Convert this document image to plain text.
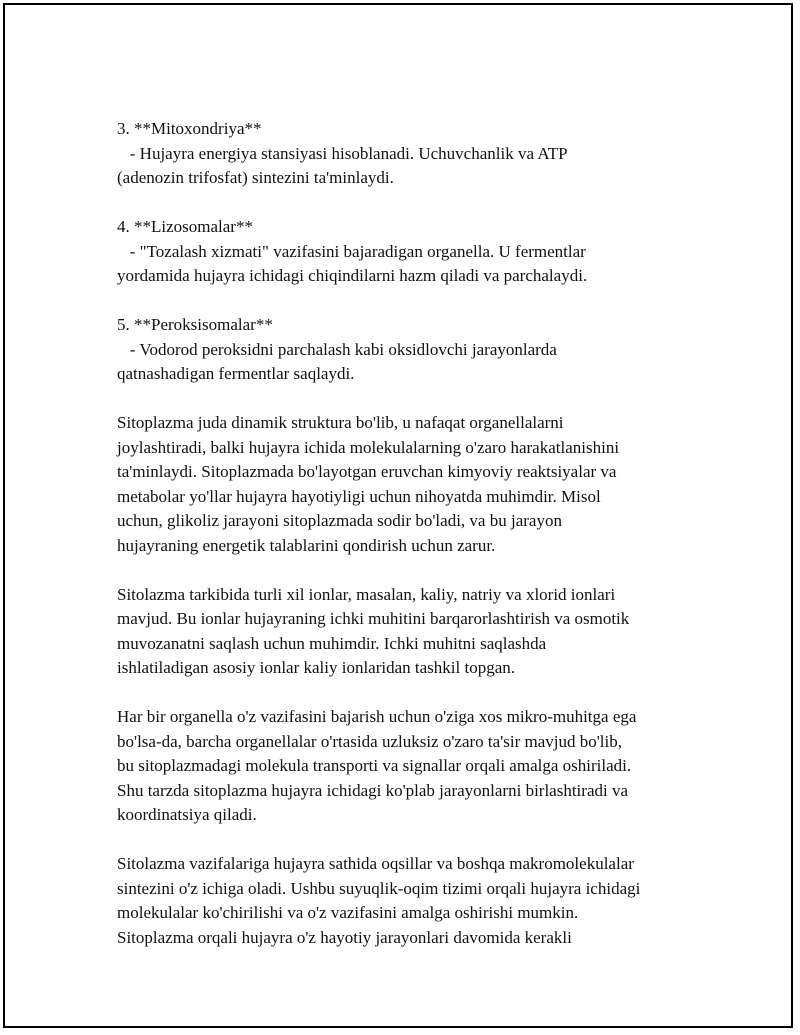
3. **Mitoxondriya**
- Hujayra energiya stansiyasi hisoblanadi. Uchuvchanlik va ATP
(adenozin trifosfat) sintezini ta'minlaydi.
4. **Lizosomalar**
- "Tozalash xizmati" vazifasini bajaradigan organella. U fermentlar
yordamida hujayra ichidagi chiqindilarni hazm qiladi va parchalaydi.
5. **Peroksisomalar**
- Vodorod peroksidni parchalash kabi oksidlovchi jarayonlarda
qatnashadigan fermentlar saqlaydi.
Sitoplazma juda dinamik struktura bo'lib, u nafaqat organellalarni
joylashtiradi, balki hujayra ichida molekulalarning o'zaro harakatlanishini
ta'minlaydi. Sitoplazmada bo'layotgan eruvchan kimyoviy reaktsiyalar va
metabolar yo'llar hujayra hayotiyligi uchun nihoyatda muhimdir. Misol
uchun, glikoliz jarayoni sitoplazmada sodir bo'ladi, va bu jarayon
hujayraning energetik talablarini qondirish uchun zarur.
Sitolazma tarkibida turli xil ionlar, masalan, kaliy, natriy va xlorid ionlari
mavjud. Bu ionlar hujayraning ichki muhitini barqarorlashtirish va osmotik
muvozanatni saqlash uchun muhimdir. Ichki muhitni saqlashda
ishlatiladigan asosiy ionlar kaliy ionlaridan tashkil topgan.
Har bir organella o'z vazifasini bajarish uchun o'ziga xos mikro-muhitga ega
bo'lsa-da, barcha organellalar o'rtasida uzluksiz o'zaro ta'sir mavjud bo'lib,
bu sitoplazmadagi molekula transporti va signallar orqali amalga oshiriladi.
Shu tarzda sitoplazma hujayra ichidagi ko'plab jarayonlarni birlashtiradi va
koordinatsiya qiladi.
Sitolazma vazifalariga hujayra sathida oqsillar va boshqa makromolekulalar
sintezini o'z ichiga oladi. Ushbu suyuqlik-oqim tizimi orqali hujayra ichidagi
molekulalar ko'chirilishi va o'z vazifasini amalga oshirishi mumkin.
Sitoplazma orqali hujayra o'z hayotiy jarayonlari davomida kerakli
